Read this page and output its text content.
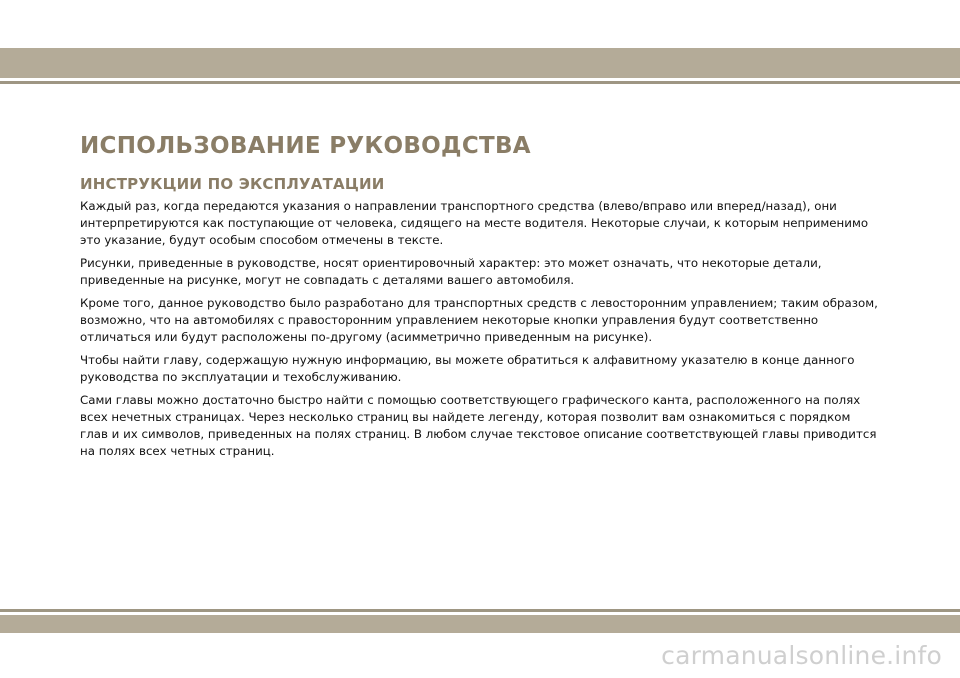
ИСПОЛЬЗОВАНИЕ РУКОВОДСТВА
ИНСТРУКЦИИ ПО ЭКСПЛУАТАЦИИ

Каждый раз, когда передаются указания о направлении транспортного средства (влево/вправо или вперед/назад), они интерпретируются как поступающие от человека, сидящего на месте водителя. Некоторые случаи, к которым неприменимо это указание, будут особым способом отмечены в тексте.

Рисунки, приведенные в руководстве, носят ориентировочный характер: это может означать, что некоторые детали, приведенные на рисунке, могут не совпадать с деталями вашего автомобиля.

Кроме того, данное руководство было разработано для транспортных средств с левосторонним управлением; таким образом, возможно, что на автомобилях с правосторонним управлением некоторые кнопки управления будут соответственно отличаться или будут расположены по-другому (асимметрично приведенным на рисунке).

Чтобы найти главу, содержащую нужную информацию, вы можете обратиться к алфавитному указателю в конце данного руководства по эксплуатации и техобслуживанию.

Сами главы можно достаточно быстро найти с помощью соответствующего графического канта, расположенного на полях всех нечетных страницах. Через несколько страниц вы найдете легенду, которая позволит вам ознакомиться с порядком глав и их символов, приведенных на полях страниц. В любом случае текстовое описание соответствующей главы приводится на полях всех четных страниц.

carmanualsonline.info
